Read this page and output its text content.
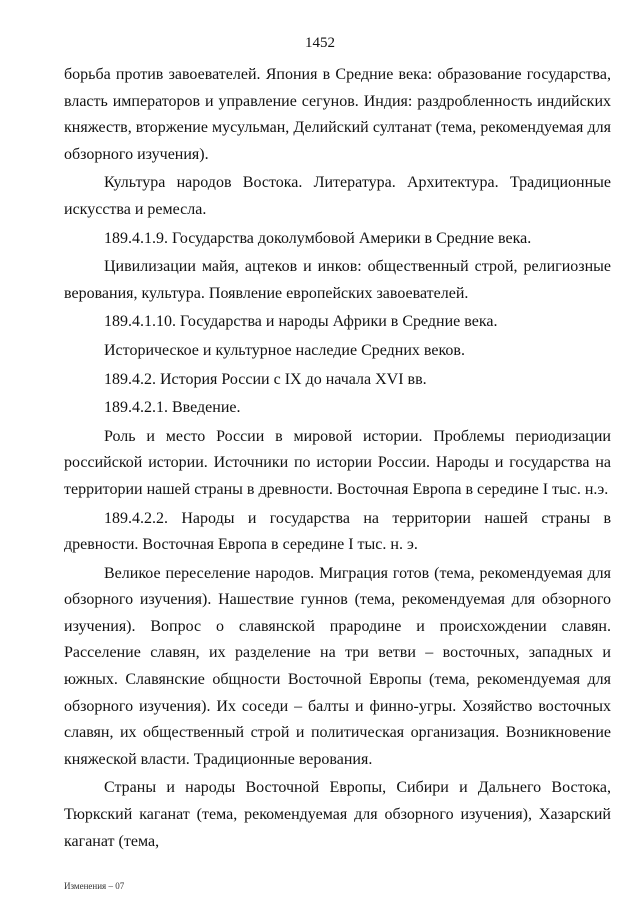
1452

борьба против завоевателей. Япония в Средние века: образование государства, власть императоров и управление сегунов. Индия: раздробленность индийских княжеств, вторжение мусульман, Делийский султанат (тема, рекомендуемая для обзорного изучения).

Культура народов Востока. Литература. Архитектура. Традиционные искусства и ремесла.

189.4.1.9. Государства доколумбовой Америки в Средние века.

Цивилизации майя, ацтеков и инков: общественный строй, религиозные верования, культура. Появление европейских завоевателей.

189.4.1.10. Государства и народы Африки в Средние века.

Историческое и культурное наследие Средних веков.

189.4.2. История России с IX до начала XVI вв.

189.4.2.1. Введение.

Роль и место России в мировой истории. Проблемы периодизации российской истории. Источники по истории России. Народы и государства на территории нашей страны в древности. Восточная Европа в середине I тыс. н.э.

189.4.2.2. Народы и государства на территории нашей страны в древности. Восточная Европа в середине I тыс. н. э.

Великое переселение народов. Миграция готов (тема, рекомендуемая для обзорного изучения). Нашествие гуннов (тема, рекомендуемая для обзорного изучения). Вопрос о славянской прародине и происхождении славян. Расселение славян, их разделение на три ветви – восточных, западных и южных. Славянские общности Восточной Европы (тема, рекомендуемая для обзорного изучения). Их соседи – балты и финно-угры. Хозяйство восточных славян, их общественный строй и политическая организация. Возникновение княжеской власти. Традиционные верования.

Страны и народы Восточной Европы, Сибири и Дальнего Востока, Тюркский каганат (тема, рекомендуемая для обзорного изучения), Хазарский каганат (тема,

Изменения – 07
